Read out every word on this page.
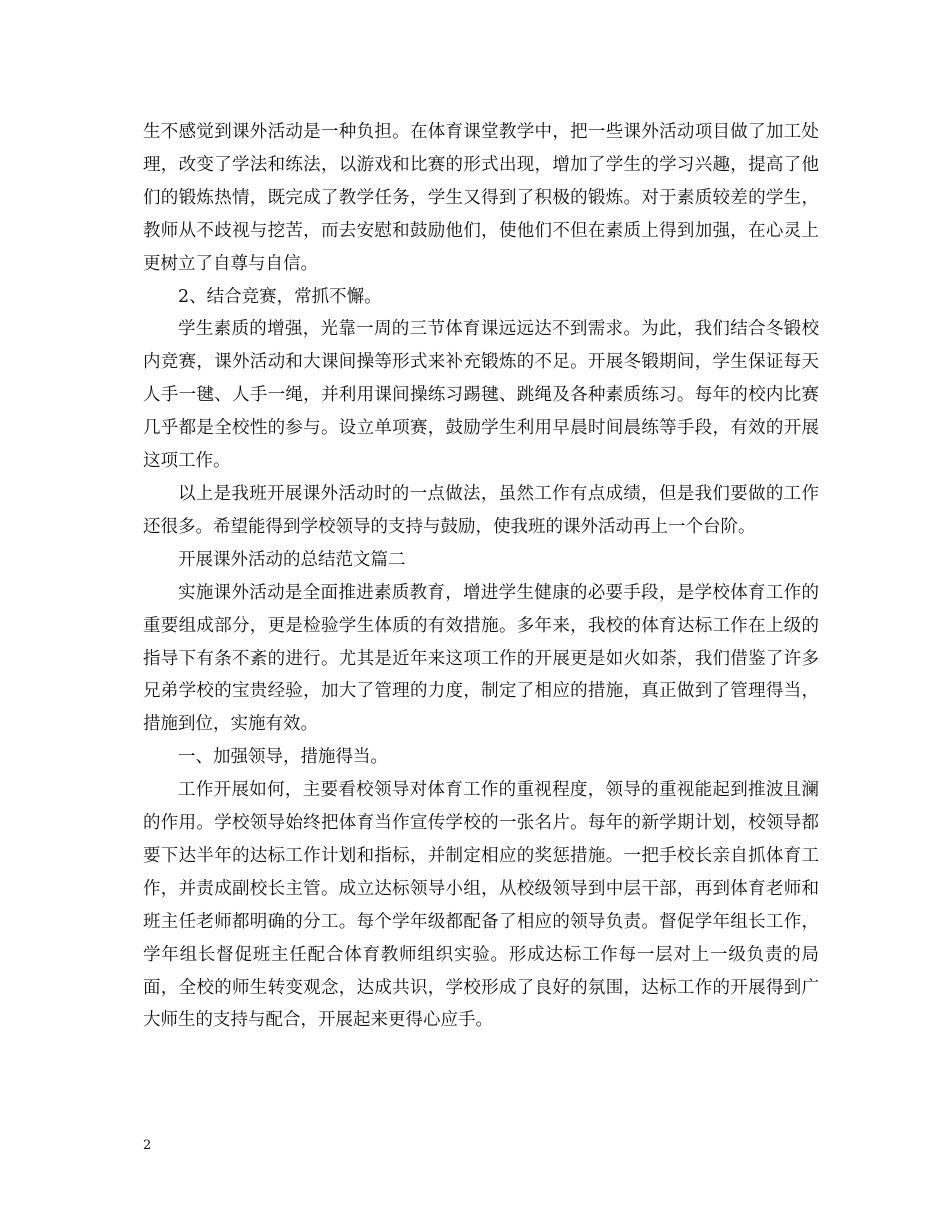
生不感觉到课外活动是一种负担。在体育课堂教学中，把一些课外活动项目做了加工处理，改变了学法和练法，以游戏和比赛的形式出现，增加了学生的学习兴趣，提高了他们的锻炼热情，既完成了教学任务，学生又得到了积极的锻炼。对于素质较差的学生，教师从不歧视与挖苦，而去安慰和鼓励他们，使他们不但在素质上得到加强，在心灵上更树立了自尊与自信。

2、结合竞赛，常抓不懈。

学生素质的增强，光靠一周的三节体育课远远达不到需求。为此，我们结合冬锻校内竞赛，课外活动和大课间操等形式来补充锻炼的不足。开展冬锻期间，学生保证每天人手一毽、人手一绳，并利用课间操练习踢毽、跳绳及各种素质练习。每年的校内比赛几乎都是全校性的参与。设立单项赛，鼓励学生利用早晨时间晨练等手段，有效的开展这项工作。

以上是我班开展课外活动时的一点做法，虽然工作有点成绩，但是我们要做的工作还很多。希望能得到学校领导的支持与鼓励，使我班的课外活动再上一个台阶。

开展课外活动的总结范文篇二

实施课外活动是全面推进素质教育，增进学生健康的必要手段，是学校体育工作的重要组成部分，更是检验学生体质的有效措施。多年来，我校的体育达标工作在上级的指导下有条不紊的进行。尤其是近年来这项工作的开展更是如火如荼，我们借鉴了许多兄弟学校的宝贵经验，加大了管理的力度，制定了相应的措施，真正做到了管理得当，措施到位，实施有效。

一、加强领导，措施得当。

工作开展如何，主要看校领导对体育工作的重视程度，领导的重视能起到推波且澜的作用。学校领导始终把体育当作宣传学校的一张名片。每年的新学期计划，校领导都要下达半年的达标工作计划和指标，并制定相应的奖惩措施。一把手校长亲自抓体育工作，并责成副校长主管。成立达标领导小组，从校级领导到中层干部，再到体育老师和班主任老师都明确的分工。每个学年级都配备了相应的领导负责。督促学年组长工作，学年组长督促班主任配合体育教师组织实验。形成达标工作每一层对上一级负责的局面，全校的师生转变观念，达成共识，学校形成了良好的氛围，达标工作的开展得到广大师生的支持与配合，开展起来更得心应手。

2
